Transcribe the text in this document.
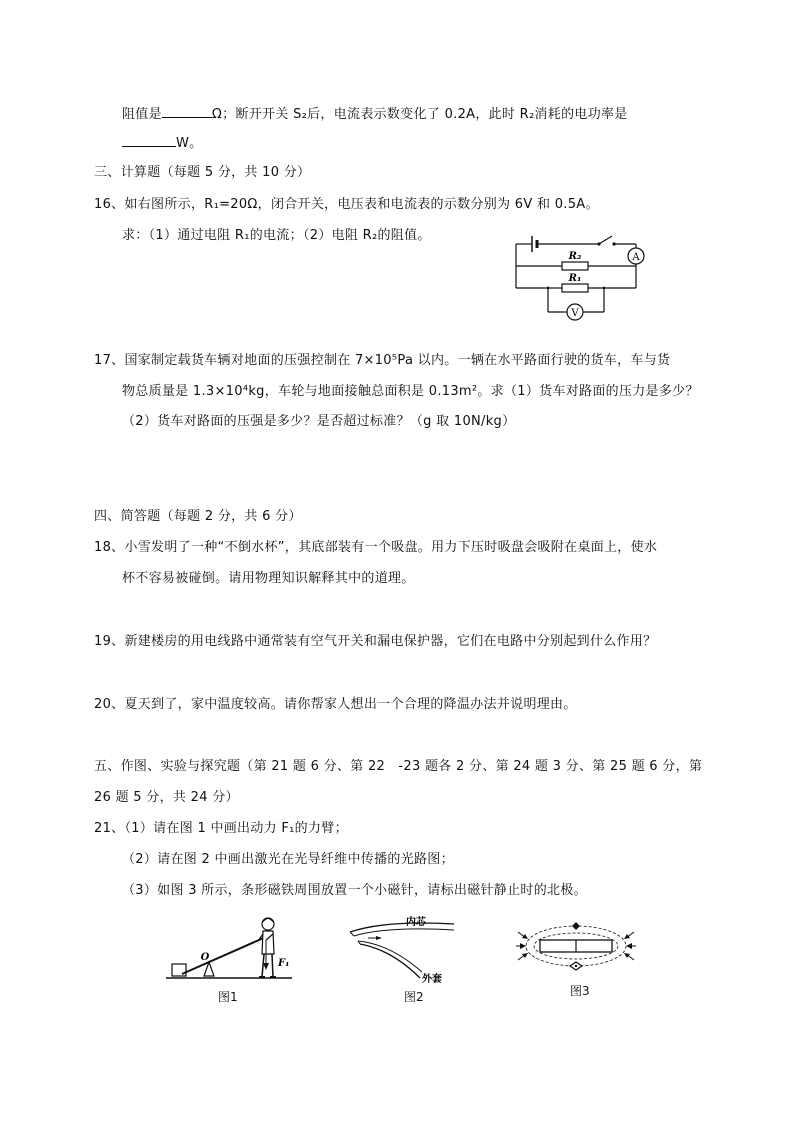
阻值是	Ω；断开开关 S₂后，电流表示数变化了 0.2A，此时 R₂消耗的电功率是
W。
三、计算题（每题 5 分，共 10 分）
16、如右图所示，R₁=20Ω，闭合开关，电压表和电流表的示数分别为 6V 和 0.5A。
求：（1）通过电阻 R₁的电流；（2）电阻 R₂的阻值。
A
R₂
R₁
V
17、国家制定载货车辆对地面的压强控制在 7×10⁵Pa 以内。一辆在水平路面行驶的货车，车与货
物总质量是 1.3×10⁴kg，车轮与地面接触总面积是 0.13m²。求（1）货车对路面的压力是多少？
（2）货车对路面的压强是多少？是否超过标准？（g 取 10N/kg）
四、简答题（每题 2 分，共 6 分）
18、小雪发明了一种“不倒水杯”，其底部装有一个吸盘。用力下压时吸盘会吸附在桌面上，使水
杯不容易被碰倒。请用物理知识解释其中的道理。
19、新建楼房的用电线路中通常装有空气开关和漏电保护器，它们在电路中分别起到什么作用？
20、夏天到了，家中温度较高。请你帮家人想出一个合理的降温办法并说明理由。
五、作图、实验与探究题（第 21 题 6 分、第 22　-23 题各 2 分、第 24 题 3 分、第 25 题 6 分，第
26 题 5 分，共 24 分）
21、（1）请在图 1 中画出动力 F₁的力臂；
（2）请在图 2 中画出激光在光导纤维中传播的光路图；
（3）如图 3 所示，条形磁铁周围放置一个小磁针，请标出磁针静止时的北极。
O
F₁
图1
内芯
外套
图2	图3
